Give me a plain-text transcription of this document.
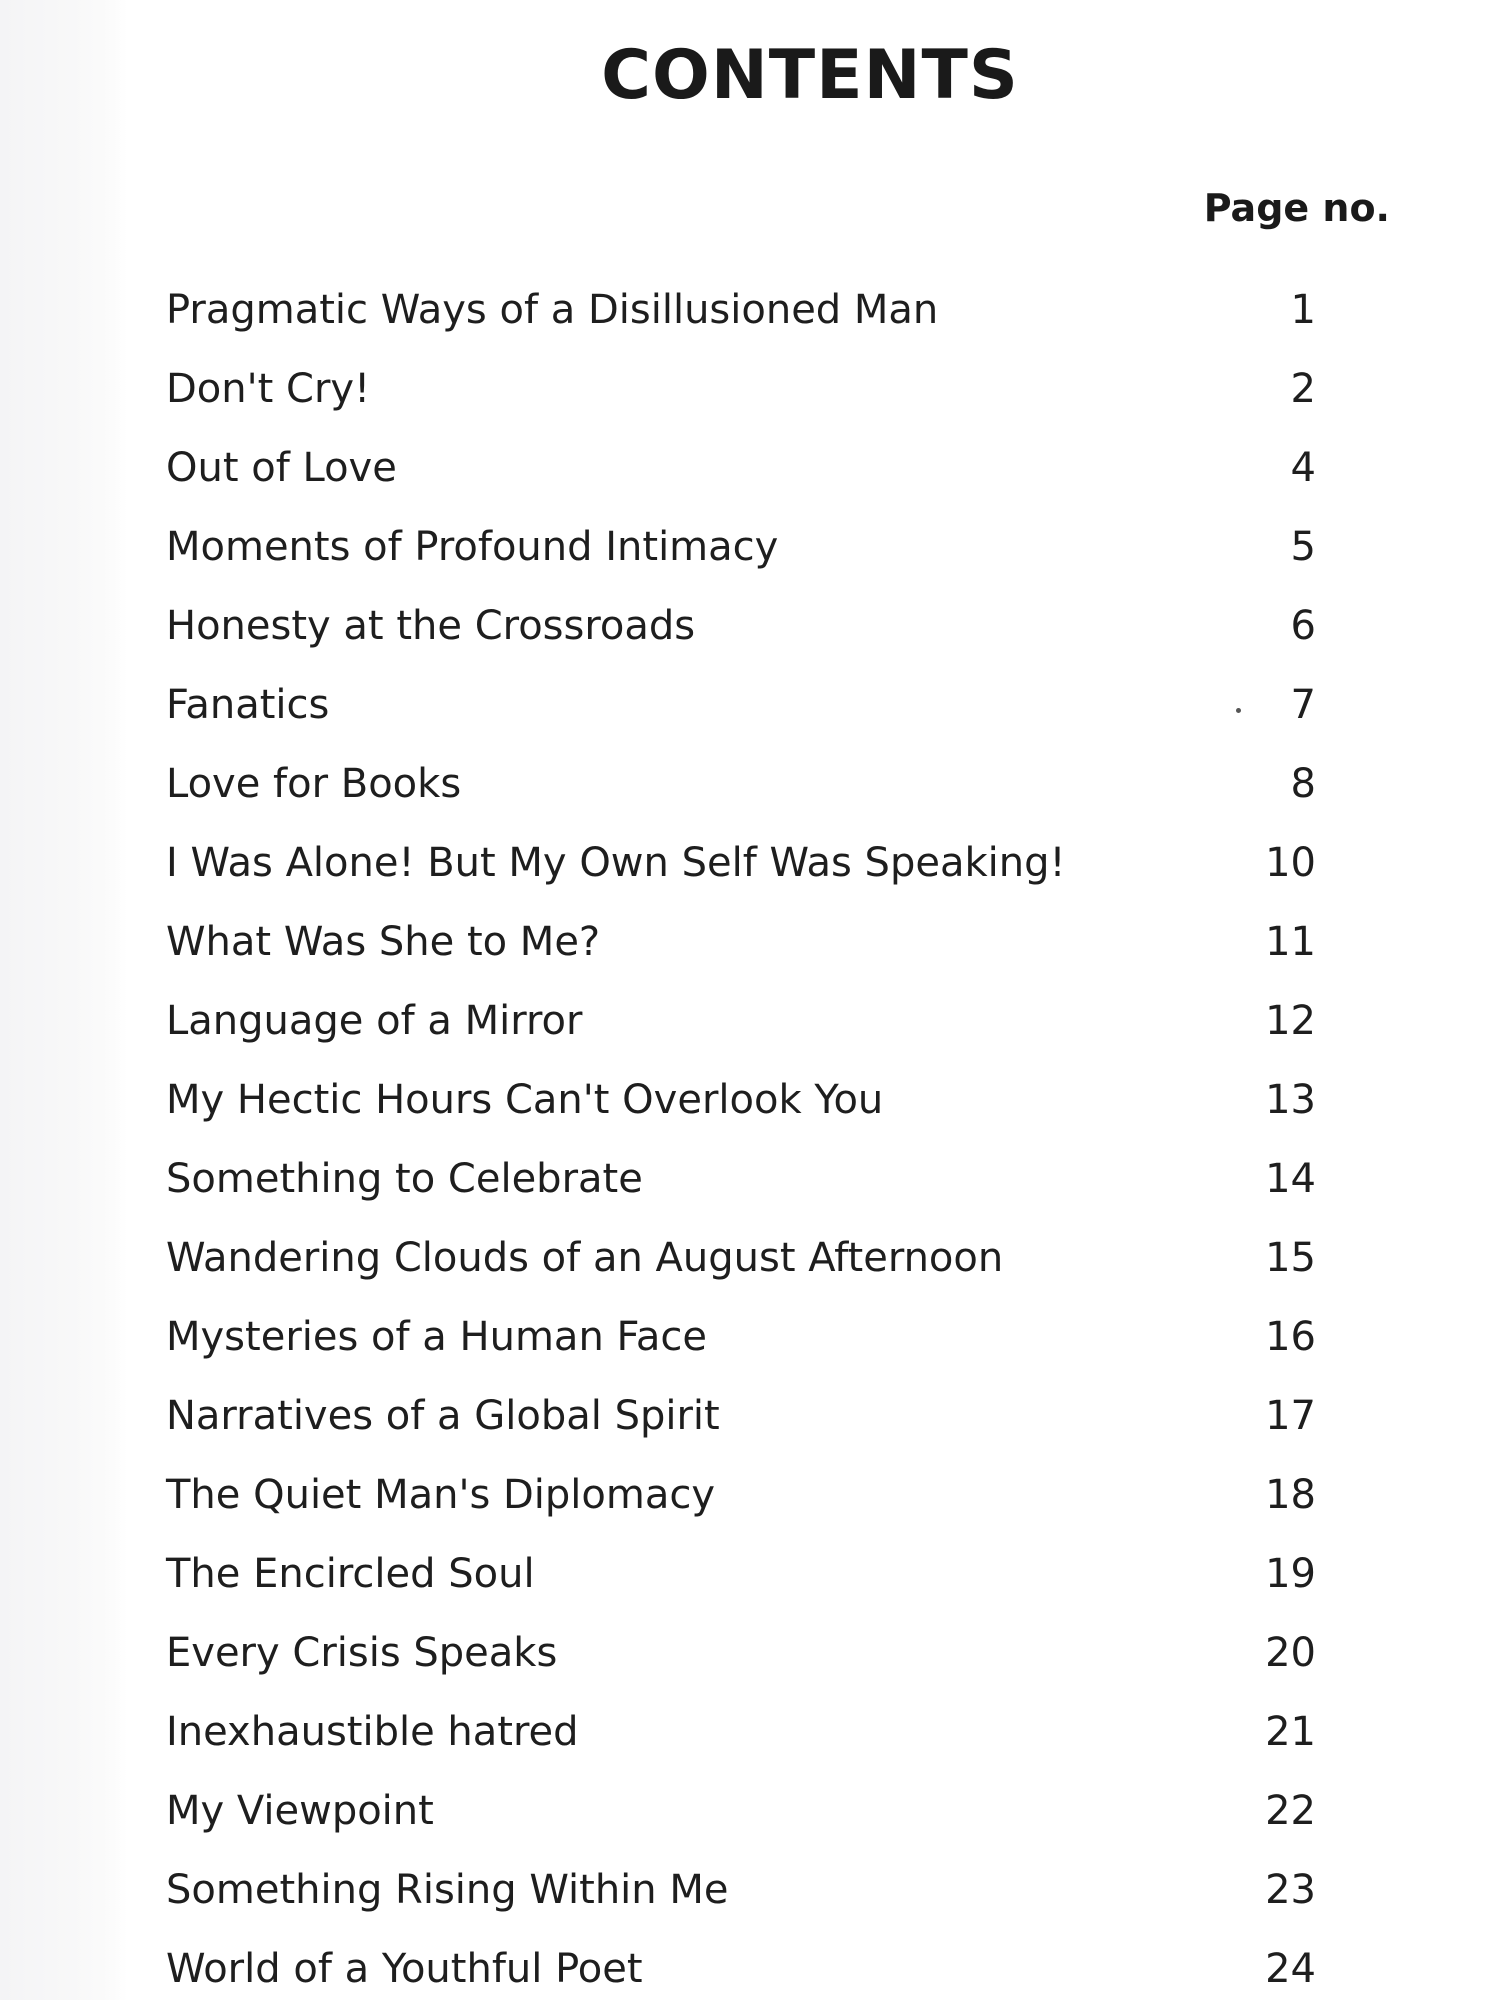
CONTENTS
Page no.
Pragmatic Ways of a Disillusioned Man	1
Don't Cry!	2
Out of Love	4
Moments of Profound Intimacy	5
Honesty at the Crossroads	6
Fanatics	7
Love for Books	8
I Was Alone! But My Own Self Was Speaking!	10
What Was She to Me?	11
Language of a Mirror	12
My Hectic Hours Can't Overlook You	13
Something to Celebrate	14
Wandering Clouds of an August Afternoon	15
Mysteries of a Human Face	16
Narratives of a Global Spirit	17
The Quiet Man's Diplomacy	18
The Encircled Soul	19
Every Crisis Speaks	20
Inexhaustible hatred	21
My Viewpoint	22
Something Rising Within Me	23
World of a Youthful Poet	24
